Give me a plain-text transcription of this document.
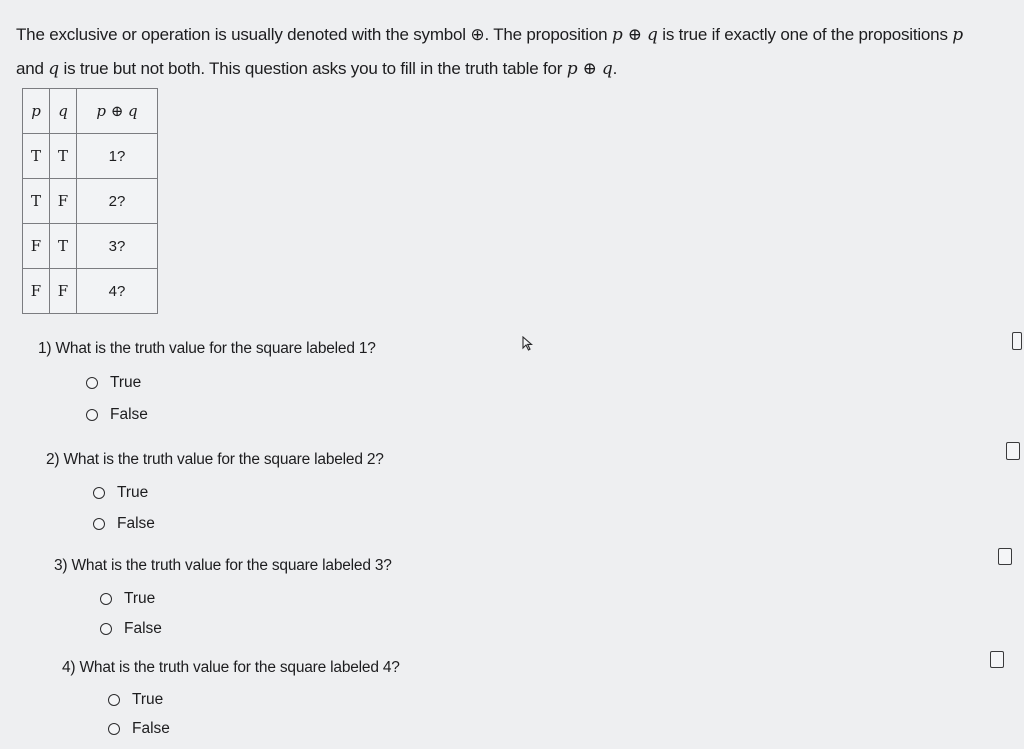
The exclusive or operation is usually denoted with the symbol ⊕. The proposition p ⊕ q is true if exactly one of the propositions p
and q is true but not both. This question asks you to fill in the truth table for p ⊕ q.
p	q	p ⊕ q
T	T	1?
T	F	2?
F	T	3?
F	F	4?
1) What is the truth value for the square labeled 1?
True
False
2) What is the truth value for the square labeled 2?
True
False
3) What is the truth value for the square labeled 3?
True
False
4) What is the truth value for the square labeled 4?
True
False
